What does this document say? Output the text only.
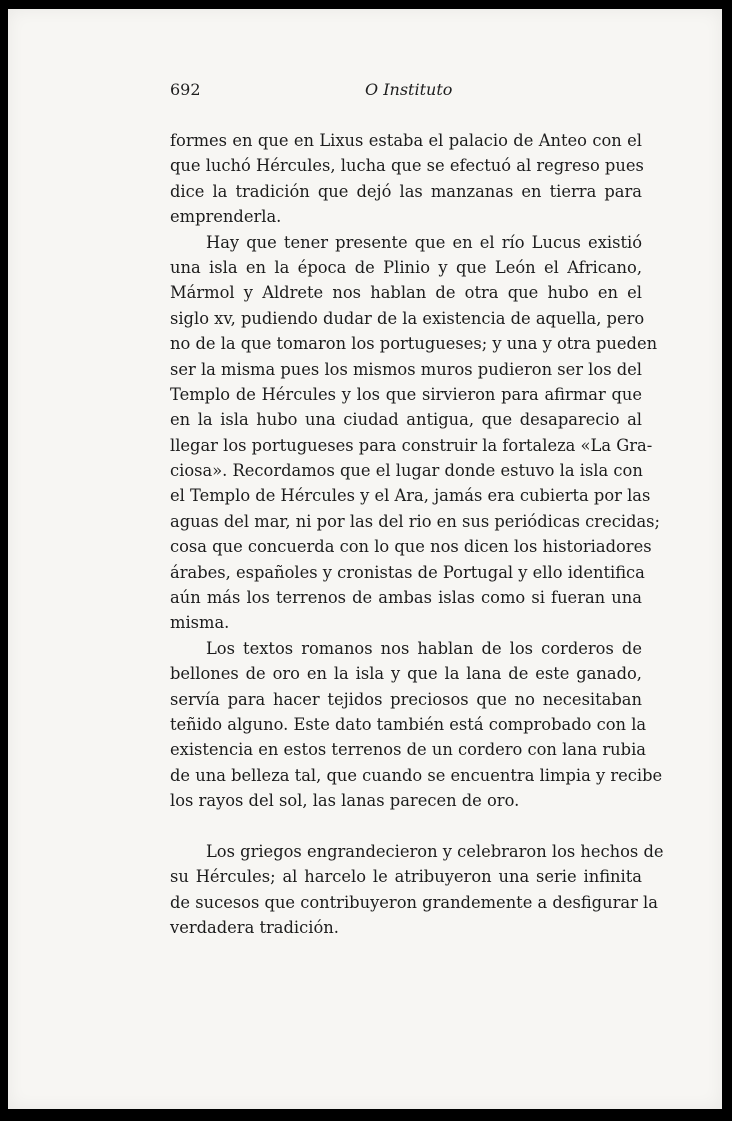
692	O Instituto
formes en que en Lixus estaba el palacio de Anteo con el
que luchó Hércules, lucha que se efectuó al regreso pues
dice la tradición que dejó las manzanas en tierra para
emprenderla.
Hay que tener presente que en el río Lucus existió
una isla en la época de Plinio y que León el Africano,
Mármol y Aldrete nos hablan de otra que hubo en el
siglo xv, pudiendo dudar de la existencia de aquella, pero
no de la que tomaron los portugueses; y una y otra pueden
ser la misma pues los mismos muros pudieron ser los del
Templo de Hércules y los que sirvieron para afirmar que
en la isla hubo una ciudad antigua, que desaparecio al
llegar los portugueses para construir la fortaleza «La Gra-
ciosa». Recordamos que el lugar donde estuvo la isla con
el Templo de Hércules y el Ara, jamás era cubierta por las
aguas del mar, ni por las del rio en sus periódicas crecidas;
cosa que concuerda con lo que nos dicen los historiadores
árabes, españoles y cronistas de Portugal y ello identifica
aún más los terrenos de ambas islas como si fueran una
misma.
Los textos romanos nos hablan de los corderos de
bellones de oro en la isla y que la lana de este ganado,
servía para hacer tejidos preciosos que no necesitaban
teñido alguno. Este dato también está comprobado con la
existencia en estos terrenos de un cordero con lana rubia
de una belleza tal, que cuando se encuentra limpia y recibe
los rayos del sol, las lanas parecen de oro.
Los griegos engrandecieron y celebraron los hechos de
su Hércules; al harcelo le atribuyeron una serie infinita
de sucesos que contribuyeron grandemente a desfigurar la
verdadera tradición.
